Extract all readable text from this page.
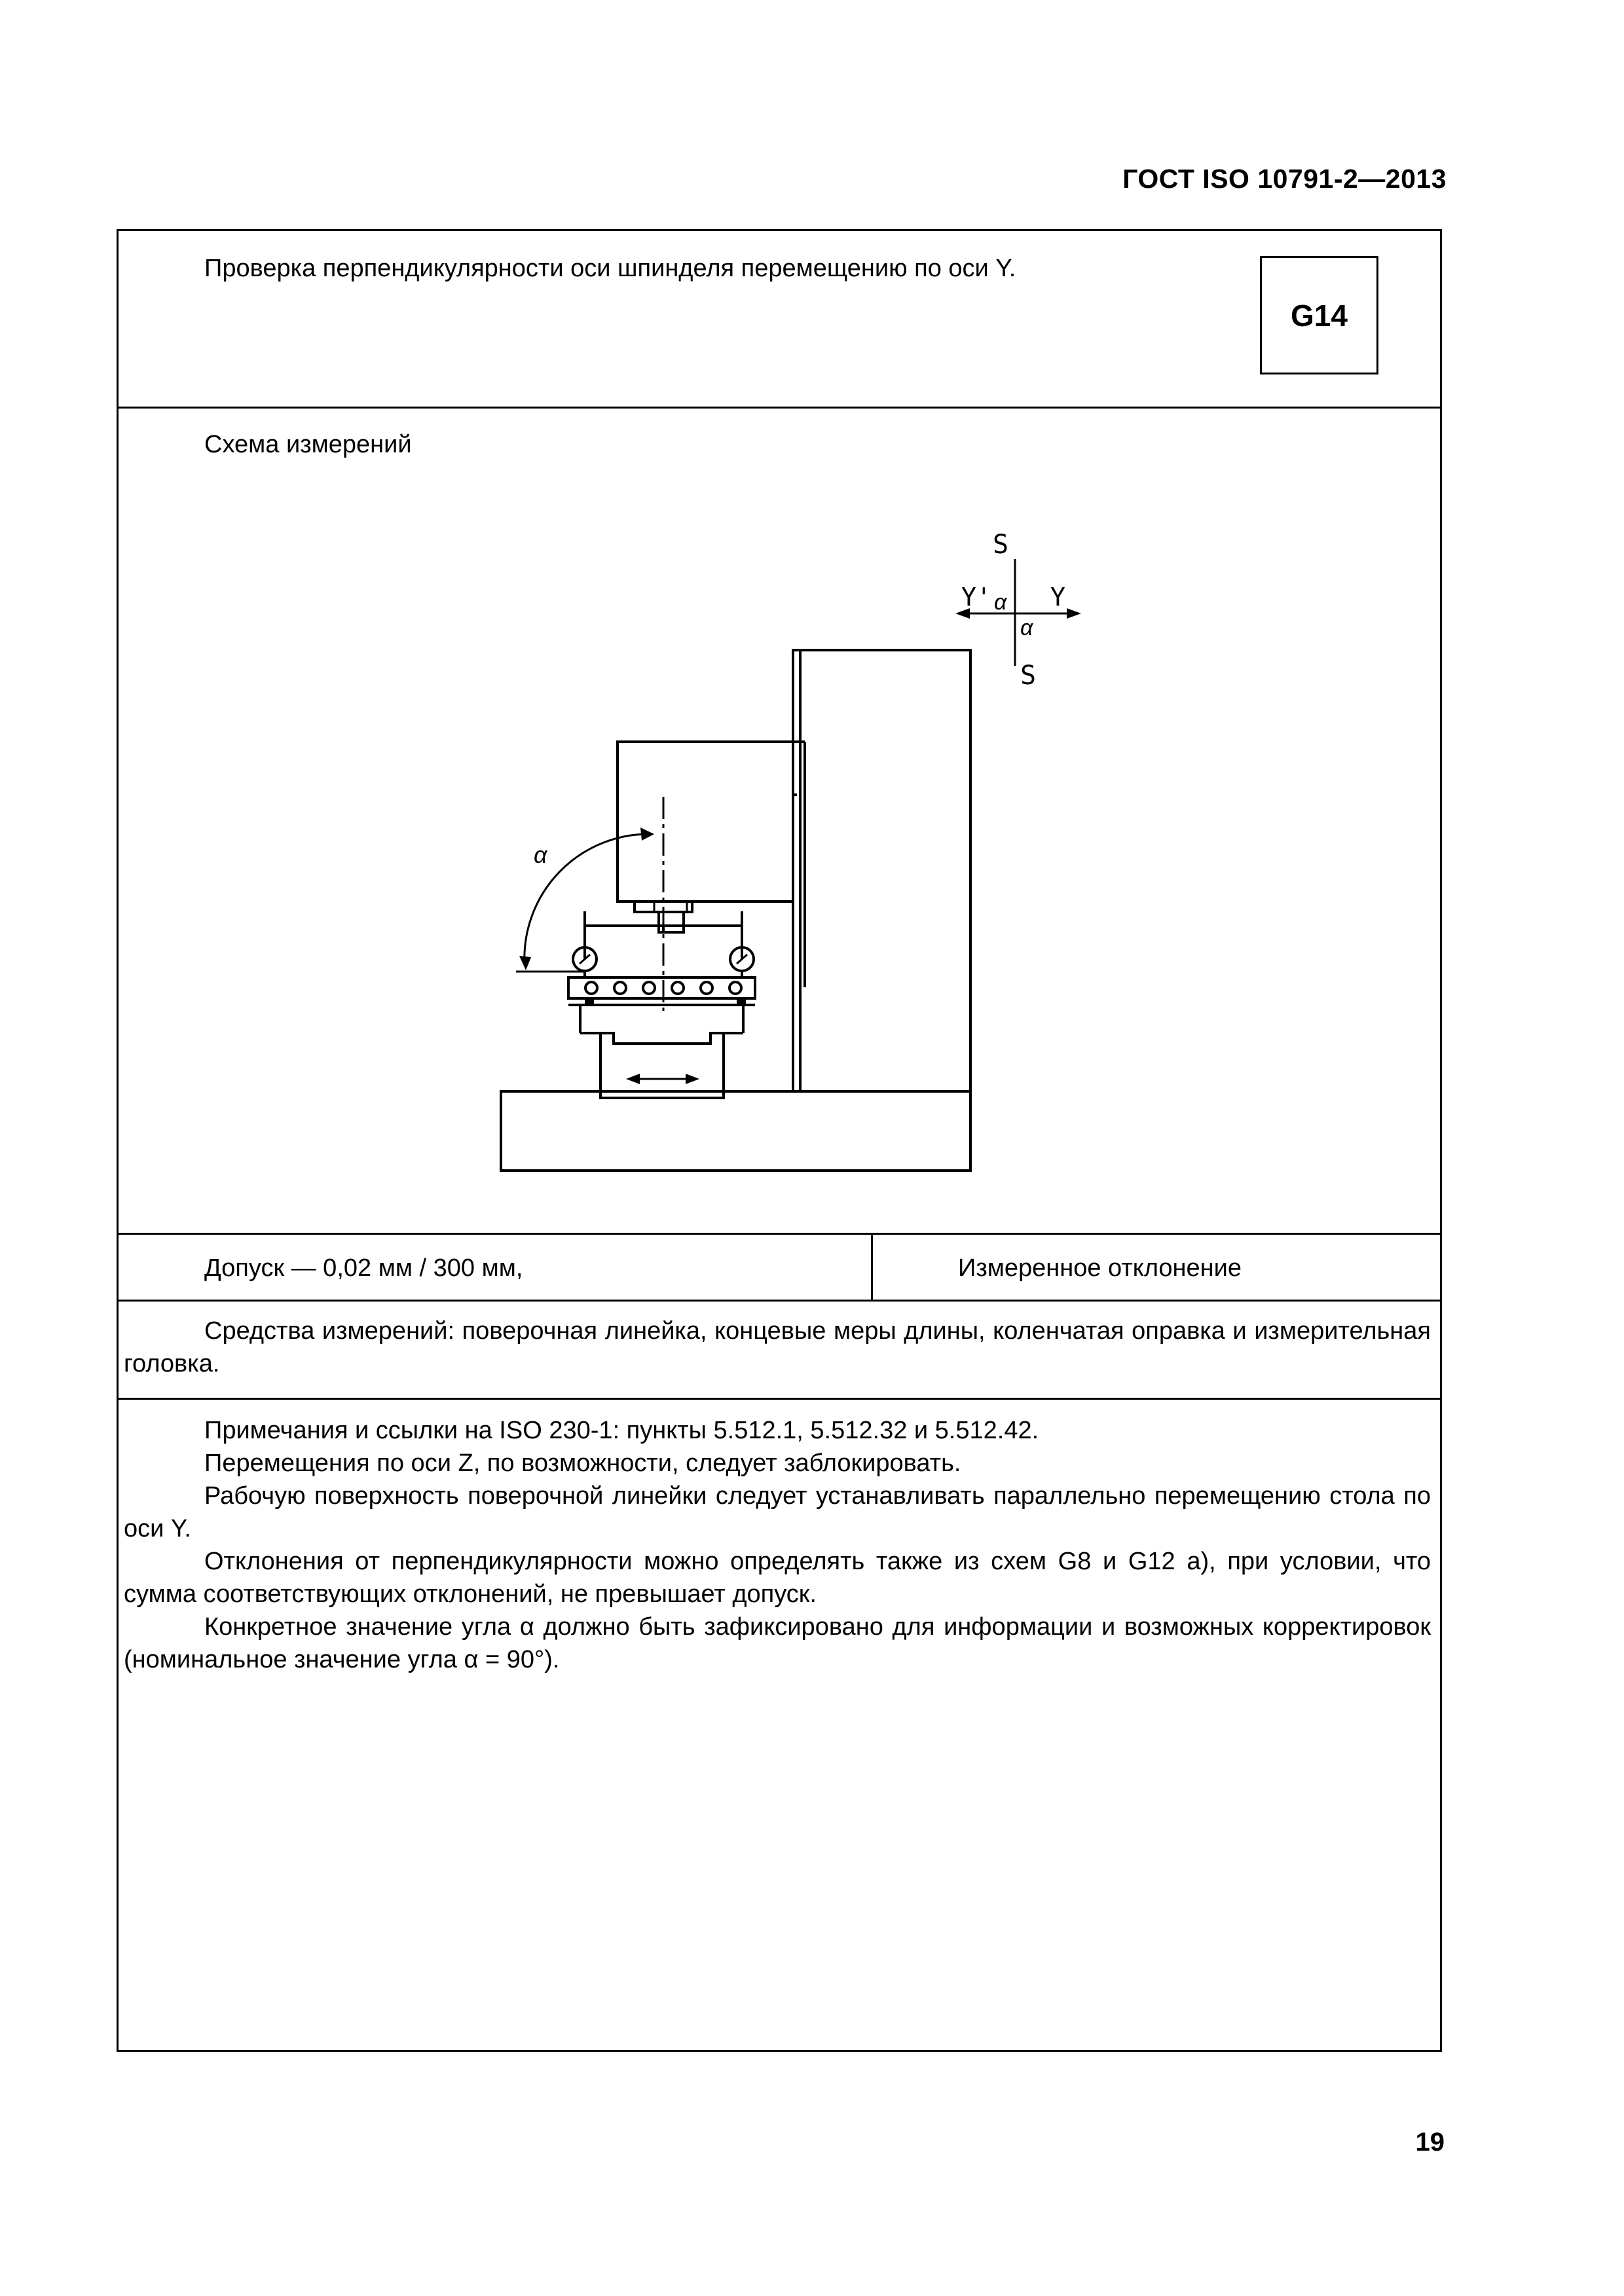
ГОСТ ISO 10791-2—2013
Проверка перпендикулярности оси шпинделя перемещению по оси Y.
G14
Схема измерений
S
S
Y' Y
α
α
α
Допуск — 0,02 мм / 300 мм,	Измеренное отклонение
Средства измерений: поверочная линейка, концевые меры длины, коленчатая оправка и измерительная головка.

Примечания и ссылки на ISO 230-1: пункты 5.512.1, 5.512.32 и 5.512.42.

Перемещения по оси Z, по возможности, следует заблокировать.

Рабочую поверхность поверочной линейки следует устанавливать параллельно перемещению стола по оси Y.

Отклонения от перпендикулярности можно определять также из схем G8 и G12 a), при условии, что сумма соответствующих отклонений, не превышает допуск.

Конкретное значение угла α должно быть зафиксировано для информации и возможных корректировок (номинальное значение угла α = 90°).

19
